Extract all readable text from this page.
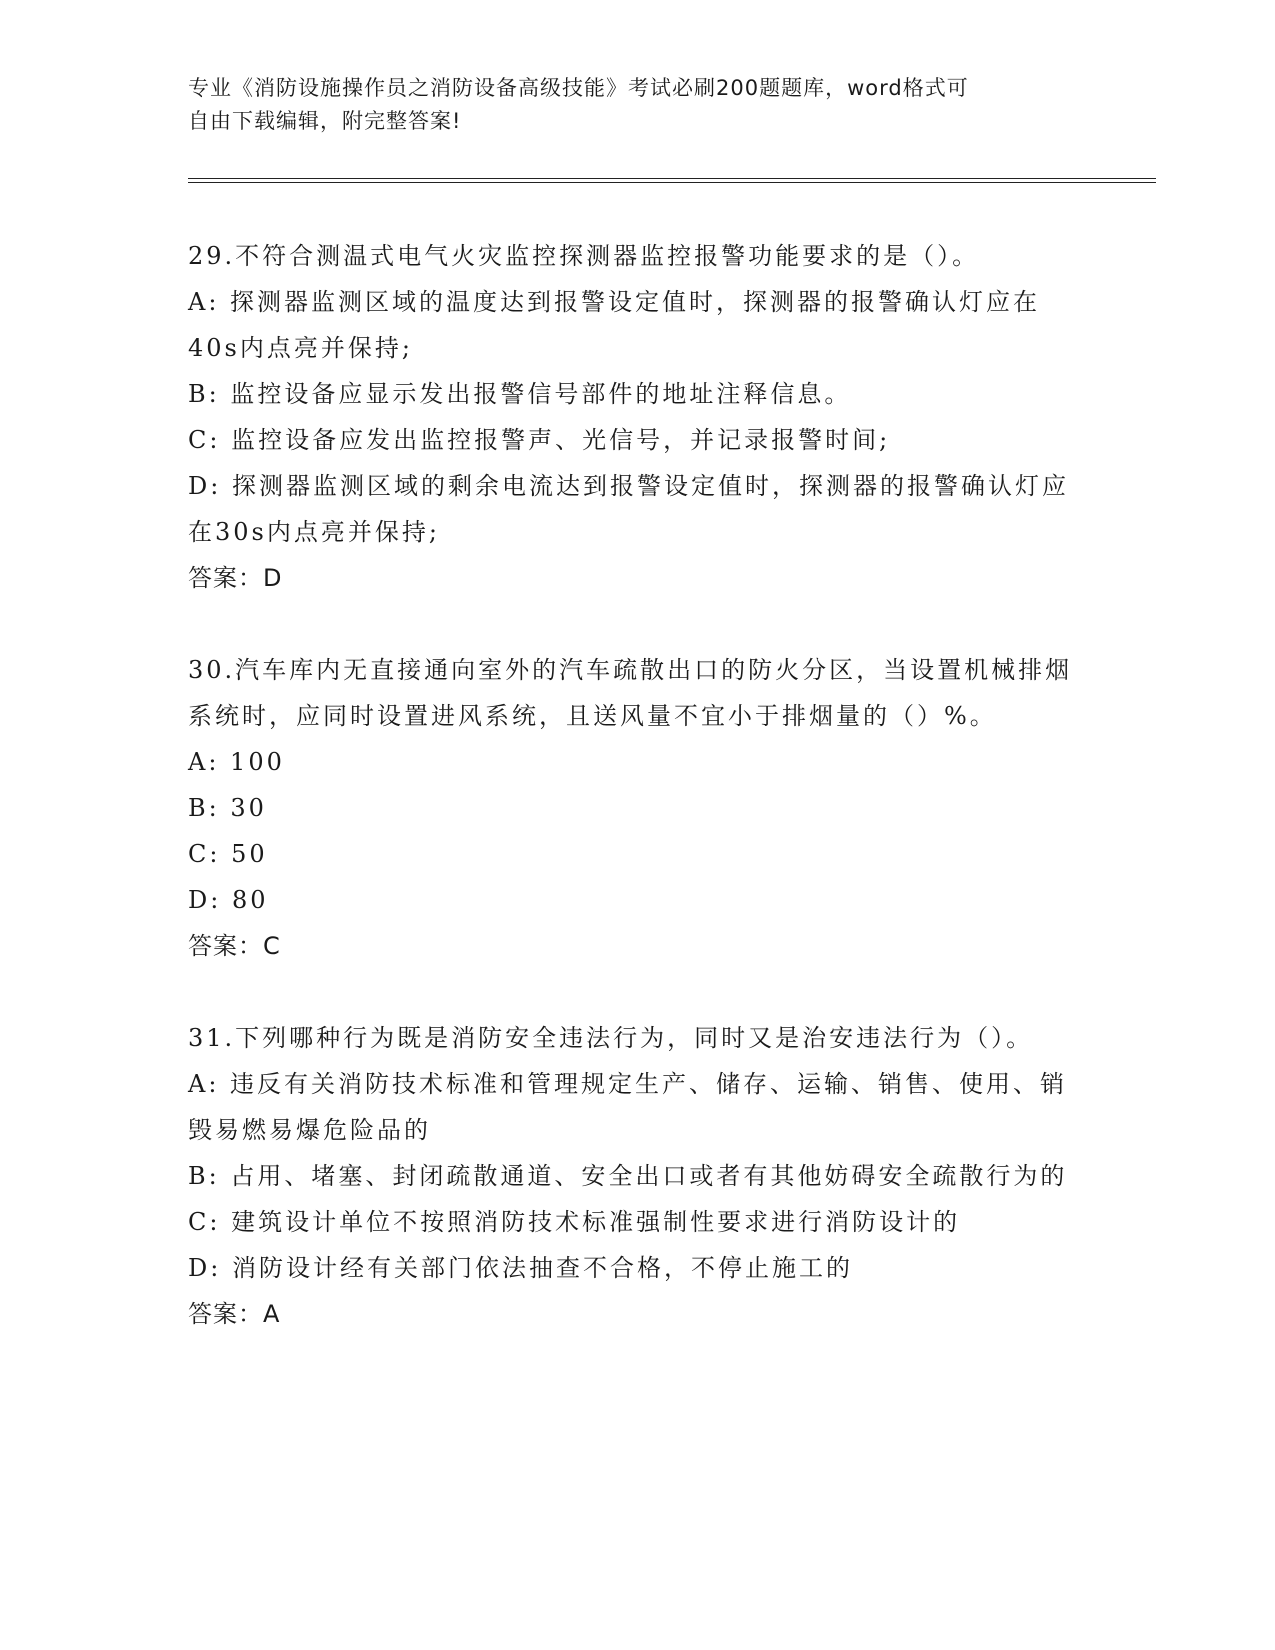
专业《消防设施操作员之消防设备高级技能》考试必刷200题题库，word格式可
自由下载编辑，附完整答案!

29.不符合测温式电气火灾监控探测器监控报警功能要求的是（）。

A: 探测器监测区域的温度达到报警设定值时，探测器的报警确认灯应在40s内点亮并保持;

B: 监控设备应显示发出报警信号部件的地址注释信息。

C: 监控设备应发出监控报警声、光信号，并记录报警时间;

D: 探测器监测区域的剩余电流达到报警设定值时，探测器的报警确认灯应在30s内点亮并保持;

答案：D

30.汽车库内无直接通向室外的汽车疏散出口的防火分区，当设置机械排烟系统时，应同时设置进风系统，且送风量不宜小于排烟量的（）%。

A: 100

B: 30

C: 50

D: 80

答案：C

31.下列哪种行为既是消防安全违法行为，同时又是治安违法行为（）。

A: 违反有关消防技术标准和管理规定生产、储存、运输、销售、使用、销毁易燃易爆危险品的

B: 占用、堵塞、封闭疏散通道、安全出口或者有其他妨碍安全疏散行为的

C: 建筑设计单位不按照消防技术标准强制性要求进行消防设计的

D: 消防设计经有关部门依法抽查不合格，不停止施工的

答案：A
